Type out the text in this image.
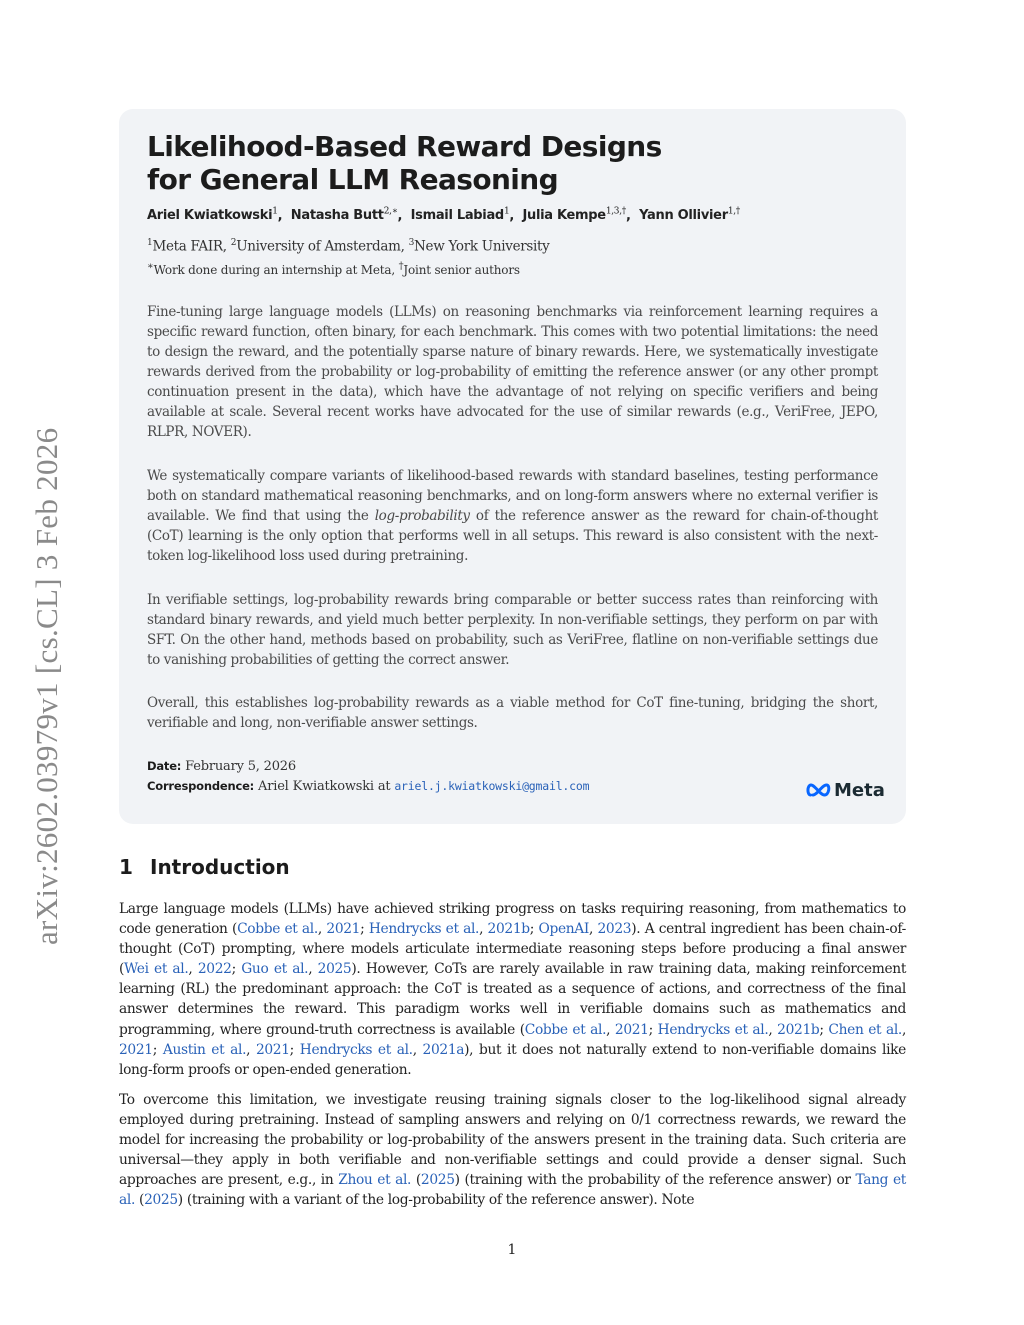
arXiv:2602.03979v1 [cs.CL] 3 Feb 2026
Likelihood-Based Reward Designs
for General LLM Reasoning
Ariel Kwiatkowski$^1$,  Natasha Butt$^{2,∗}$,  Ismail Labiad$^1$,  Julia Kempe$^{1,3,\dagger}$,  Yann Ollivier$^{1,\dagger}$
$^1$Meta FAIR, $^2$University of Amsterdam, $^3$New York University
∗Work done during an internship at Meta, †Joint senior authors

Fine-tuning large language models (LLMs) on reasoning benchmarks via reinforcement learning requires a specific reward function, often binary, for each benchmark. This comes with two potential limitations: the need to design the reward, and the potentially sparse nature of binary rewards. Here, we systematically investigate rewards derived from the probability or log-probability of emitting the reference answer (or any other prompt continuation present in the data), which have the advantage of not relying on specific verifiers and being available at scale. Several recent works have advocated for the use of similar rewards (e.g., VeriFree, JEPO, RLPR, NOVER).

We systematically compare variants of likelihood-based rewards with standard baselines, testing performance both on standard mathematical reasoning benchmarks, and on long-form answers where no external verifier is available. We find that using the log-probability of the reference answer as the reward for chain-of-thought (CoT) learning is the only option that performs well in all setups. This reward is also consistent with the next-token log-likelihood loss used during pretraining.

In verifiable settings, log-probability rewards bring comparable or better success rates than reinforcing with standard binary rewards, and yield much better perplexity. In non-verifiable settings, they perform on par with SFT. On the other hand, methods based on probability, such as VeriFree, flatline on non-verifiable settings due to vanishing probabilities of getting the correct answer.

Overall, this establishes log-probability rewards as a viable method for CoT fine-tuning, bridging the short, verifiable and long, non-verifiable answer settings.

Date: February 5, 2026
Correspondence: Ariel Kwiatkowski at ariel.j.kwiatkowski@gmail.com	Meta
1 Introduction

Large language models (LLMs) have achieved striking progress on tasks requiring reasoning, from mathematics to code generation (Cobbe et al., 2021; Hendrycks et al., 2021b; OpenAI, 2023). A central ingredient has been chain-of-thought (CoT) prompting, where models articulate intermediate reasoning steps before producing a final answer (Wei et al., 2022; Guo et al., 2025). However, CoTs are rarely available in raw training data, making reinforcement learning (RL) the predominant approach: the CoT is treated as a sequence of actions, and correctness of the final answer determines the reward. This paradigm works well in verifiable domains such as mathematics and programming, where ground-truth correctness is available (Cobbe et al., 2021; Hendrycks et al., 2021b; Chen et al., 2021; Austin et al., 2021; Hendrycks et al., 2021a), but it does not naturally extend to non-verifiable domains like long-form proofs or open-ended generation.

To overcome this limitation, we investigate reusing training signals closer to the log-likelihood signal already employed during pretraining. Instead of sampling answers and relying on 0/1 correctness rewards, we reward the model for increasing the probability or log-probability of the answers present in the training data. Such criteria are universal—they apply in both verifiable and non-verifiable settings and could provide a denser signal. Such approaches are present, e.g., in Zhou et al. (2025) (training with the probability of the reference answer) or Tang et al. (2025) (training with a variant of the log-probability of the reference answer). Note

1
